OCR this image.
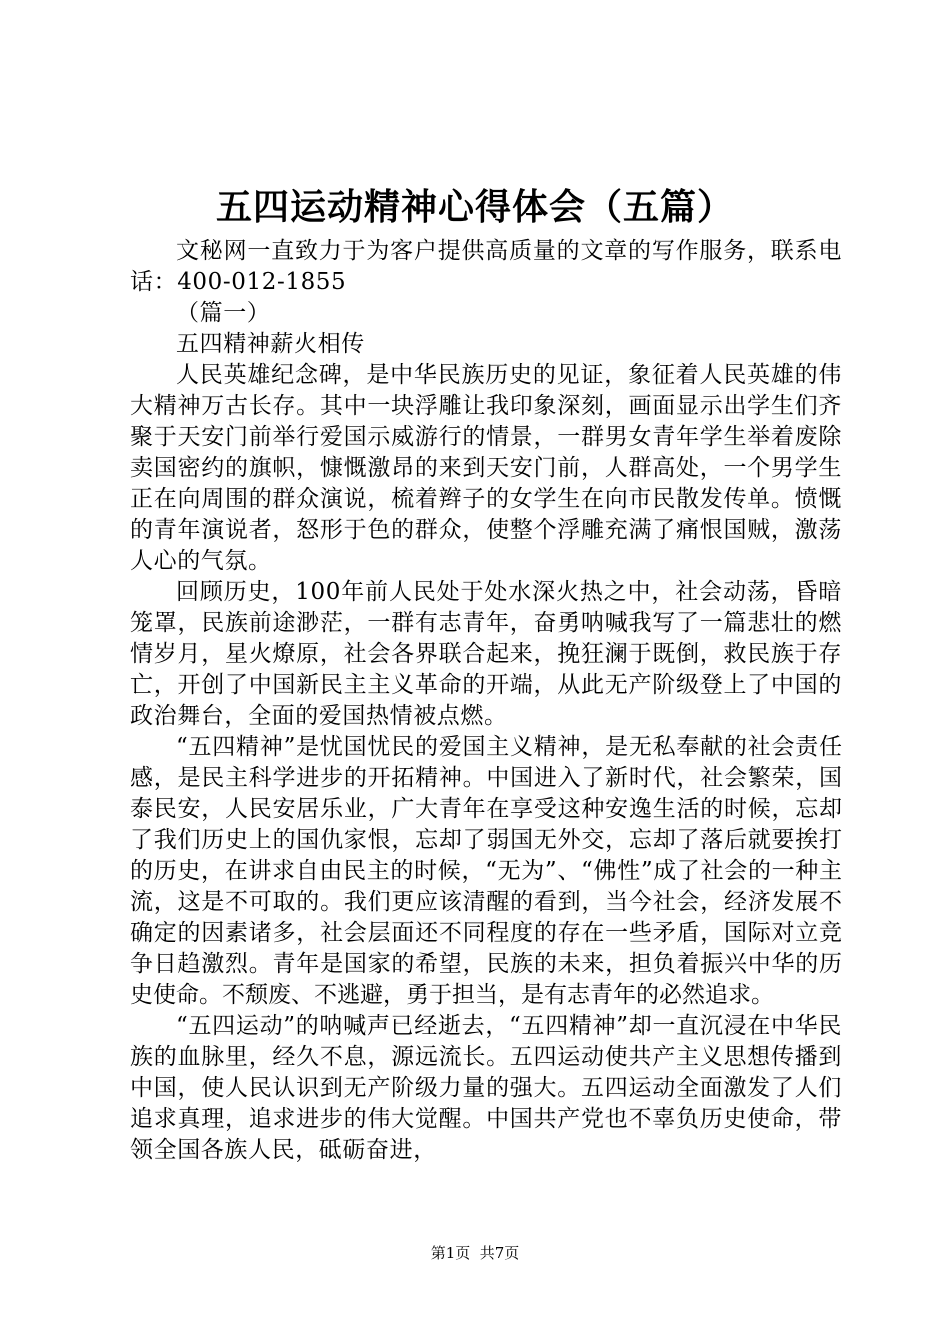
五四运动精神心得体会（五篇）

文秘网一直致力于为客户提供高质量的文章的写作服务，联系电话：400-012-1855

（篇一）

五四精神薪火相传

人民英雄纪念碑，是中华民族历史的见证，象征着人民英雄的伟大精神万古长存。其中一块浮雕让我印象深刻，画面显示出学生们齐聚于天安门前举行爱国示威游行的情景，一群男女青年学生举着废除卖国密约的旗帜，慷慨激昂的来到天安门前，人群高处，一个男学生正在向周围的群众演说，梳着辫子的女学生在向市民散发传单。愤慨的青年演说者，怒形于色的群众，使整个浮雕充满了痛恨国贼，激荡人心的气氛。

回顾历史，100年前人民处于处水深火热之中，社会动荡，昏暗笼罩，民族前途渺茫，一群有志青年，奋勇呐喊我写了一篇悲壮的燃情岁月，星火燎原，社会各界联合起来，挽狂澜于既倒，救民族于存亡，开创了中国新民主主义革命的开端，从此无产阶级登上了中国的政治舞台，全面的爱国热情被点燃。

“五四精神”是忧国忧民的爱国主义精神，是无私奉献的社会责任感，是民主科学进步的开拓精神。中国进入了新时代，社会繁荣，国泰民安，人民安居乐业，广大青年在享受这种安逸生活的时候，忘却了我们历史上的国仇家恨，忘却了弱国无外交，忘却了落后就要挨打的历史，在讲求自由民主的时候，“无为”、“佛性”成了社会的一种主流，这是不可取的。我们更应该清醒的看到，当今社会，经济发展不确定的因素诸多，社会层面还不同程度的存在一些矛盾，国际对立竞争日趋激烈。青年是国家的希望，民族的未来，担负着振兴中华的历史使命。不颓废、不逃避，勇于担当，是有志青年的必然追求。

“五四运动”的呐喊声已经逝去，“五四精神”却一直沉浸在中华民族的血脉里，经久不息，源远流长。五四运动使共产主义思想传播到中国，使人民认识到无产阶级力量的强大。五四运动全面激发了人们追求真理，追求进步的伟大觉醒。中国共产党也不辜负历史使命，带领全国各族人民，砥砺奋进，

第1页  共7页
